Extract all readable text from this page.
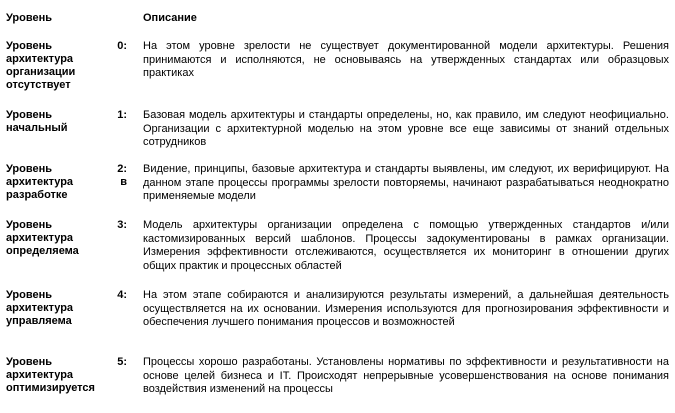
Уровень	Описание
Уровень
архитектура
организации
отсутствует
0: На этом уровне зрелости не существует документированной модели архитектуры. Решения принимаются и исполняются, не основываясь на утвержденных стандартах или образцовых практиках
Уровень
начальный
1: Базовая модель архитектуры и стандарты определены, но, как правило, им следуют неофициально. Организации с архитектурной моделью на этом уровне все еще зависимы от знаний отдельных сотрудников
Уровень
архитектура	в
разработке
2: Видение, принципы, базовые архитектура и стандарты выявлены, им следуют, их верифицируют. На данном этапе процессы программы зрелости повторяемы, начинают разрабатываться неоднократно применяемые модели
Уровень
архитектура
определяема
3: Модель архитектуры организации определена с помощью утвержденных стандартов и/или кастомизированных версий шаблонов. Процессы задокументированы в рамках организации. Измерения эффективности отслеживаются, осуществляется их мониторинг в отношении других общих практик и процессных областей
Уровень
архитектура
управляема
4: На этом этапе собираются и анализируются результаты измерений, а дальнейшая деятельность осуществляется на их основании. Измерения используются для прогнозирования эффективности и обеспечения лучшего понимания процессов и возможностей
Уровень
архитектура
оптимизируется
5: Процессы хорошо разработаны. Установлены нормативы по эффективности и результативности на основе целей бизнеса и IT. Происходят непрерывные усовершенствования на основе понимания воздействия изменений на процессы
